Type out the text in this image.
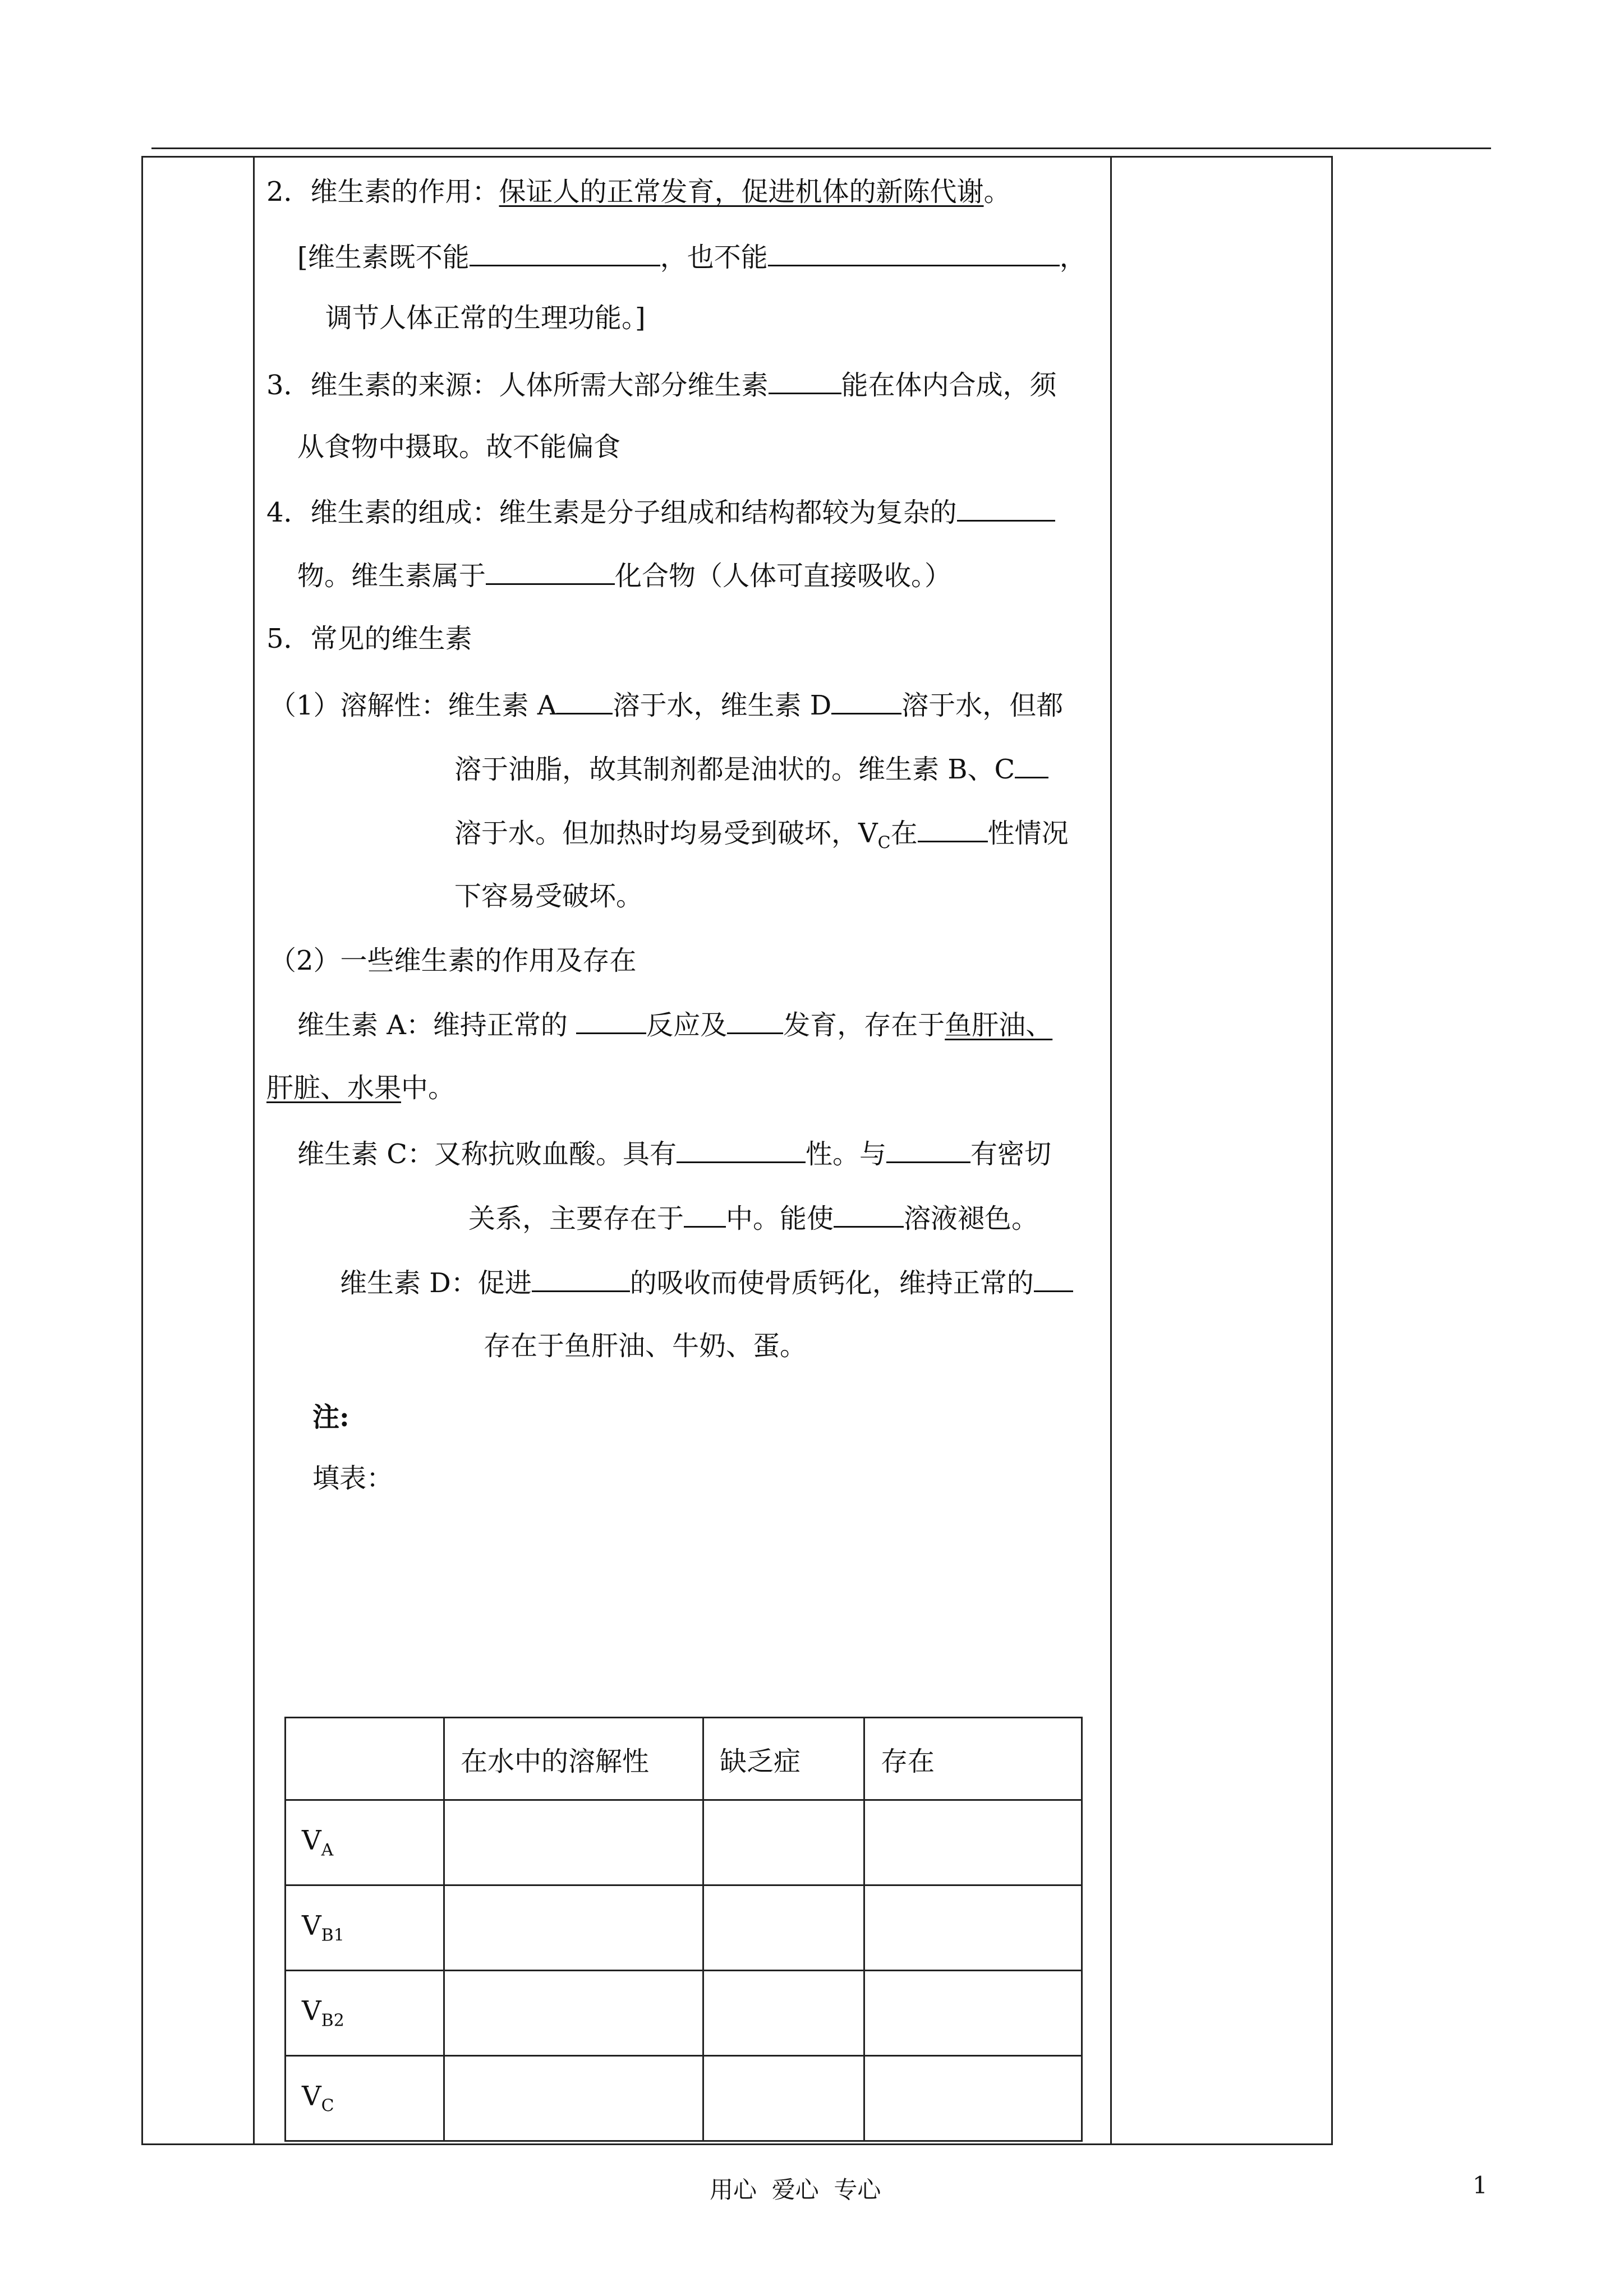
2．维生素的作用：保证人的正常发育，促进机体的新陈代谢。
[维生素既不能	，也不能	，
调节人体正常的生理功能。]
3．维生素的来源：人体所需大部分维生素	能在体内合成，须
从食物中摄取。故不能偏食
4．维生素的组成：维生素是分子组成和结构都较为复杂的
物。维生素属于	化合物（人体可直接吸收。）
5．常见的维生素
（1）溶解性：维生素 A 溶于水，维生素 D	溶于水，但都
溶于油脂，故其制剂都是油状的。维生素 B、C
溶于水。但加热时均易受到破坏，$V_C$在	性情况
下容易受破坏。
（2）一些维生素的作用及存在
维生素 A：维持正常的	反应及 发育，存在于鱼肝油、
肝脏、水果中。
维生素 C：又称抗败血酸。具有	性。与	有密切
关系，主要存在于 中。能使	溶液褪色。
维生素 D：促进	的吸收而使骨质钙化，维持正常的
存在于鱼肝油、牛奶、蛋。
注:
填表：
	在水中的溶解性	缺乏症	存在
$V_A$			
$V_{B1}$			
$V_{B2}$			
$V_C$			
用心  爱心  专心	1
